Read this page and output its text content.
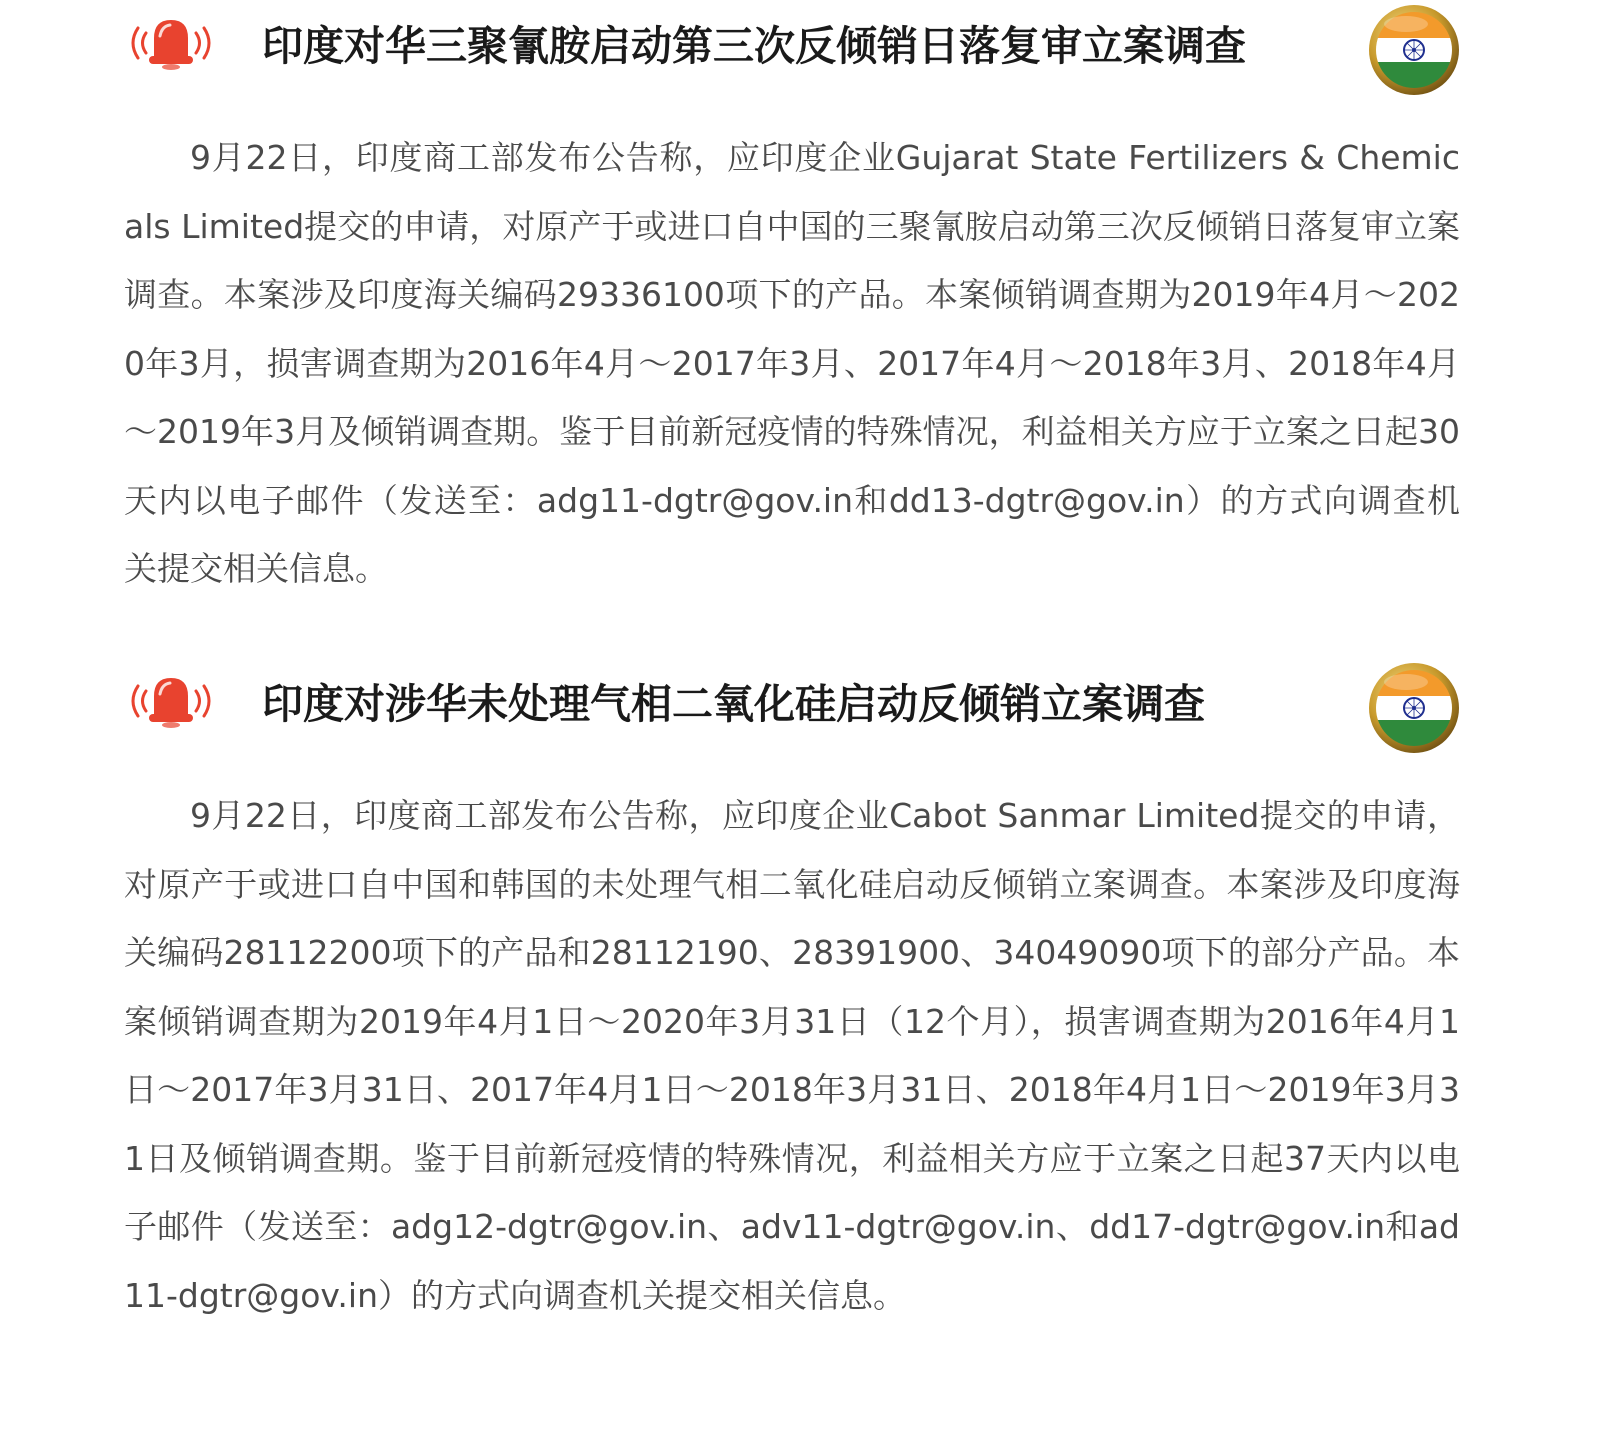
印度对华三聚氰胺启动第三次反倾销日落复审立案调查

9月22日，印度商工部发布公告称，应印度企业Gujarat State Fertilizers & Chemicals Limited提交的申请，对原产于或进口自中国的三聚氰胺启动第三次反倾销日落复审立案调查。本案涉及印度海关编码29336100项下的产品。本案倾销调查期为2019年4月～2020年3月，损害调查期为2016年4月～2017年3月、2017年4月～2018年3月、2018年4月～2019年3月及倾销调查期。鉴于目前新冠疫情的特殊情况，利益相关方应于立案之日起30天内以电子邮件（发送至：adg11-dgtr@gov.in和dd13-dgtr@gov.in）的方式向调查机关提交相关信息。

印度对涉华未处理气相二氧化硅启动反倾销立案调查

9月22日，印度商工部发布公告称，应印度企业Cabot Sanmar Limited提交的申请，对原产于或进口自中国和韩国的未处理气相二氧化硅启动反倾销立案调查。本案涉及印度海关编码28112200项下的产品和28112190、28391900、34049090项下的部分产品。本案倾销调查期为2019年4月1日～2020年3月31日（12个月），损害调查期为2016年4月1日～2017年3月31日、2017年4月1日～2018年3月31日、2018年4月1日～2019年3月31日及倾销调查期。鉴于目前新冠疫情的特殊情况，利益相关方应于立案之日起37天内以电子邮件（发送至：adg12-dgtr@gov.in、adv11-dgtr@gov.in、dd17-dgtr@gov.in和ad11-dgtr@gov.in）的方式向调查机关提交相关信息。
